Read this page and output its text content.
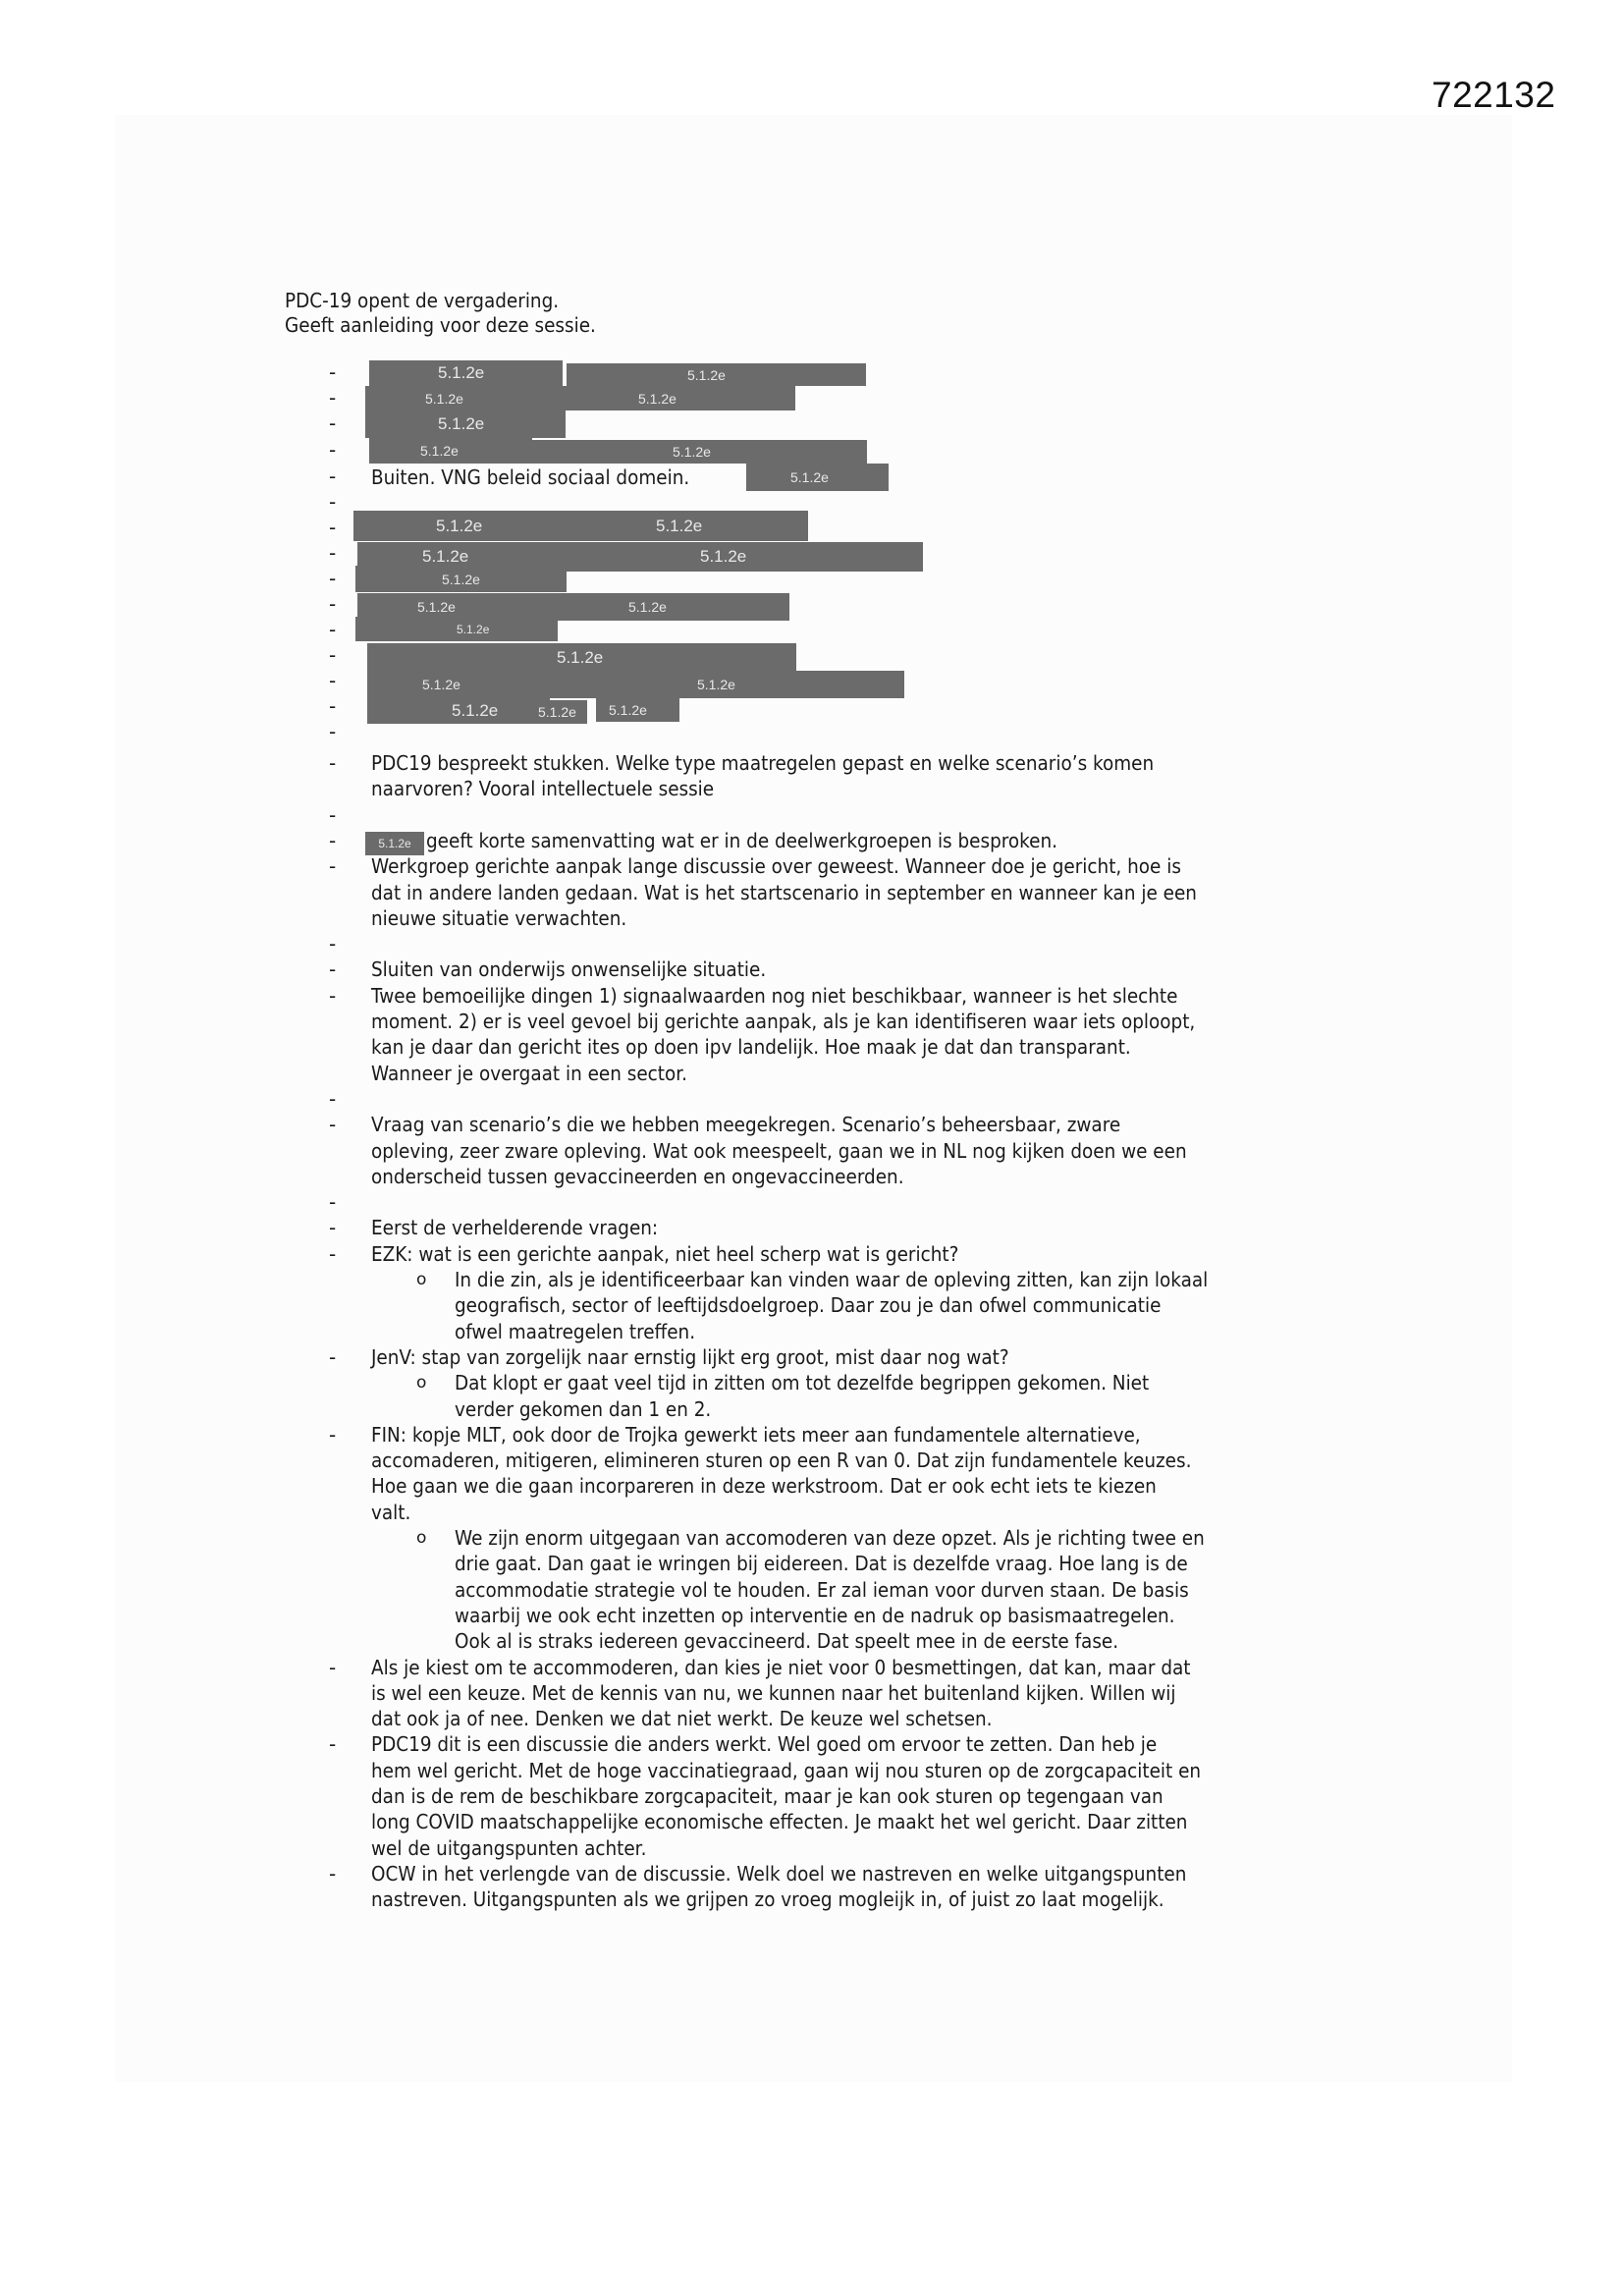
722132
PDC-19 opent de vergadering.
Geeft aanleiding voor deze sessie.
-
-
-
-
-
-
-
-
-
-
-
-
-
-
-
5.1.2e	5.1.2e
5.1.2e	5.1.2e
5.1.2e
5.1.2e	5.1.2e
Buiten. VNG beleid sociaal domein.	5.1.2e
5.1.2e	5.1.2e
5.1.2e	5.1.2e
5.1.2e
5.1.2e	5.1.2e
5.1.2e
5.1.2e
5.1.2e	5.1.2e
5.1.2e	5.1.2e 5.1.2e
- PDC19 bespreekt stukken. Welke type maatregelen gepast en welke scenario’s komen
naarvoren? Vooral intellectuele sessie
-
-	5.1.2e geeft korte samenvatting wat er in de deelwerkgroepen is besproken.
- Werkgroep gerichte aanpak lange discussie over geweest. Wanneer doe je gericht, hoe is
dat in andere landen gedaan. Wat is het startscenario in september en wanneer kan je een
nieuwe situatie verwachten.
-
- Sluiten van onderwijs onwenselijke situatie.
- Twee bemoeilijke dingen 1) signaalwaarden nog niet beschikbaar, wanneer is het slechte
moment. 2) er is veel gevoel bij gerichte aanpak, als je kan identifiseren waar iets oploopt,
kan je daar dan gericht ites op doen ipv landelijk. Hoe maak je dat dan transparant.
Wanneer je overgaat in een sector.
-
- Vraag van scenario’s die we hebben meegekregen. Scenario’s beheersbaar, zware
opleving, zeer zware opleving. Wat ook meespeelt, gaan we in NL nog kijken doen we een
onderscheid tussen gevaccineerden en ongevaccineerden.
-
- Eerst de verhelderende vragen:
- EZK: wat is een gerichte aanpak, niet heel scherp wat is gericht?
o In die zin, als je identificeerbaar kan vinden waar de opleving zitten, kan zijn lokaal
geografisch, sector of leeftijdsdoelgroep. Daar zou je dan ofwel communicatie
ofwel maatregelen treffen.
- JenV: stap van zorgelijk naar ernstig lijkt erg groot, mist daar nog wat?
o Dat klopt er gaat veel tijd in zitten om tot dezelfde begrippen gekomen. Niet
verder gekomen dan 1 en 2.
- FIN: kopje MLT, ook door de Trojka gewerkt iets meer aan fundamentele alternatieve,
accomaderen, mitigeren, elimineren sturen op een R van 0. Dat zijn fundamentele keuzes.
Hoe gaan we die gaan incorpareren in deze werkstroom. Dat er ook echt iets te kiezen
valt.
o We zijn enorm uitgegaan van accomoderen van deze opzet. Als je richting twee en
drie gaat. Dan gaat ie wringen bij eidereen. Dat is dezelfde vraag. Hoe lang is de
accommodatie strategie vol te houden. Er zal ieman voor durven staan. De basis
waarbij we ook echt inzetten op interventie en de nadruk op basismaatregelen.
Ook al is straks iedereen gevaccineerd. Dat speelt mee in de eerste fase.
- Als je kiest om te accommoderen, dan kies je niet voor 0 besmettingen, dat kan, maar dat
is wel een keuze. Met de kennis van nu, we kunnen naar het buitenland kijken. Willen wij
dat ook ja of nee. Denken we dat niet werkt. De keuze wel schetsen.
- PDC19 dit is een discussie die anders werkt. Wel goed om ervoor te zetten. Dan heb je
hem wel gericht. Met de hoge vaccinatiegraad, gaan wij nou sturen op de zorgcapaciteit en
dan is de rem de beschikbare zorgcapaciteit, maar je kan ook sturen op tegengaan van
long COVID maatschappelijke economische effecten. Je maakt het wel gericht. Daar zitten
wel de uitgangspunten achter.
- OCW in het verlengde van de discussie. Welk doel we nastreven en welke uitgangspunten
nastreven. Uitgangspunten als we grijpen zo vroeg mogleijk in, of juist zo laat mogelijk.
